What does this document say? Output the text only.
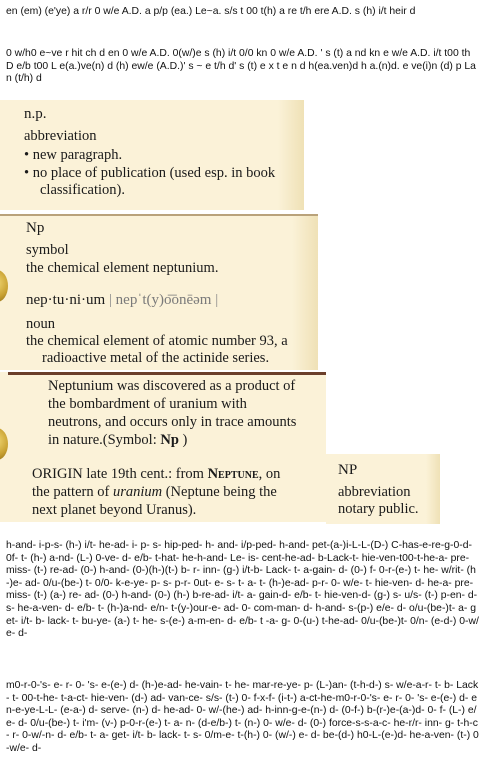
en (em) (e'ye) a r/r 0 w/e A.D. a p/p (ea.) Le~a. s/s t 00 t(h) a re t/h ere A.D. s (h) i/t heir d
0 w/h0 e~ve r hit ch d en 0 w/e A.D. 0(w/)e s (h) i/t 0/0 kn 0 w/e A.D. ' s (t) a nd kn e w/e A.D. i/t t00 th D e/b t00 L e(a.)ve(n) d (h) ew/e (A.D.)' s ~ e t/h d' s (t) e x t e n d h(ea.ven)d h a.(n)d. e ve(i)n (d) p Lan (t/h) d
n.p.
abbreviation
• new paragraph.
• no place of publication (used esp. in book
classification).
Np
symbol
the chemical element neptunium.
nep·tu·ni·um | nepˈt(y)o͞onēəm |
noun
the chemical element of atomic number 93, a
radioactive metal of the actinide series.
Neptunium was discovered as a product of
the bombardment of uranium with
neutrons, and occurs only in trace amounts
in nature.(Symbol: Np )
ORIGIN late 19th cent.: from Neptune, on
the pattern of uranium (Neptune being the
next planet beyond Uranus).
NP
abbreviation
notary public.
h-and- i-p-s- (h-) i/t- he-ad- i- p- s- hip-ped- h- and- i/p-ped- h-and- pet-(a-)i-L-L-(D-) C-has-e-re-g-0-d- 0f- t- (h-) a-nd- (L-) 0-ve- d- e/b- t-hat- he-h-and- Le- is- cent-he-ad- b-Lack-t- hie-ven-t00-t-he-a- pre- miss- (t-) re-ad- (0-) h-and- (0-)(h-)(t-) b- r- inn- (g-) i/t-b- Lack- t- a-gain- d- (0-) f- 0-r-(e-) t- he- w/rit- (h-)e- ad- 0/u-(be-) t- 0/0- k-e-ye- p- s- p-r- 0ut- e- s- t- a- t- (h-)e-ad- p-r- 0- w/e- t- hie-ven- d- he-a- pre- miss- (t-) (a-) re- ad- (0-) h-and- (0-) (h-) b-re-ad- i/t- a- gain-d- e/b- t- hie-ven-d- (g-) s- u/s- (t-) p-en- d- s- he-a-ven- d- e/b- t- (h-)a-nd- e/n- t-(y-)our-e- ad- 0- com-man- d- h-and- s-(p-) e/e- d- o/u-(be-)t- a- get- i/t- b- lack- t- bu-ye- (a-) t- he- s-(e-) a-m-en- d- e/b- t -a- g- 0-(u-) t-he-ad- 0/u-(be-)t- 0/n- (e-d-) 0-w/e- d-
m0-r-0-'s- e- r- 0- 's- e-(e-) d- (h-)e-ad- he-vain- t- he- mar-re-ye- p- (L-)an- (t-h-d-) s- w/e-a-r- t- b- Lack- t- 00-t-he- t-a-ct- hie-ven- (d-) ad- van-ce- s/s- (t-) 0- f-x-f- (i-t-) a-ct-he-m0-r-0-'s- e- r- 0- 's- e-(e-) d- en-e-ye-L-L- (e-a-) d- serve- (n-) d- he-ad- 0- w/-(he-) ad- h-inn-g-e-(n-) d- (0-f-) b-(r-)e-(a-)d- 0- f- (L-) e/e- d- 0/u-(be-) t- i'm- (v-) p-0-r-(e-) t- a- n- (d-e/b-) t- (n-) 0- w/e- d- (0-) force-s-s-a-c- he-r/r- inn- g- t-h-c- r- 0-w/-n- d- e/b- t- a- get- i/t- b- lack- t- s- 0/m-e- t-(h-) 0- (w/-) e- d- be-(d-) h0-L-(e-)d- he-a-ven- (t-) 0-w/e- d-
